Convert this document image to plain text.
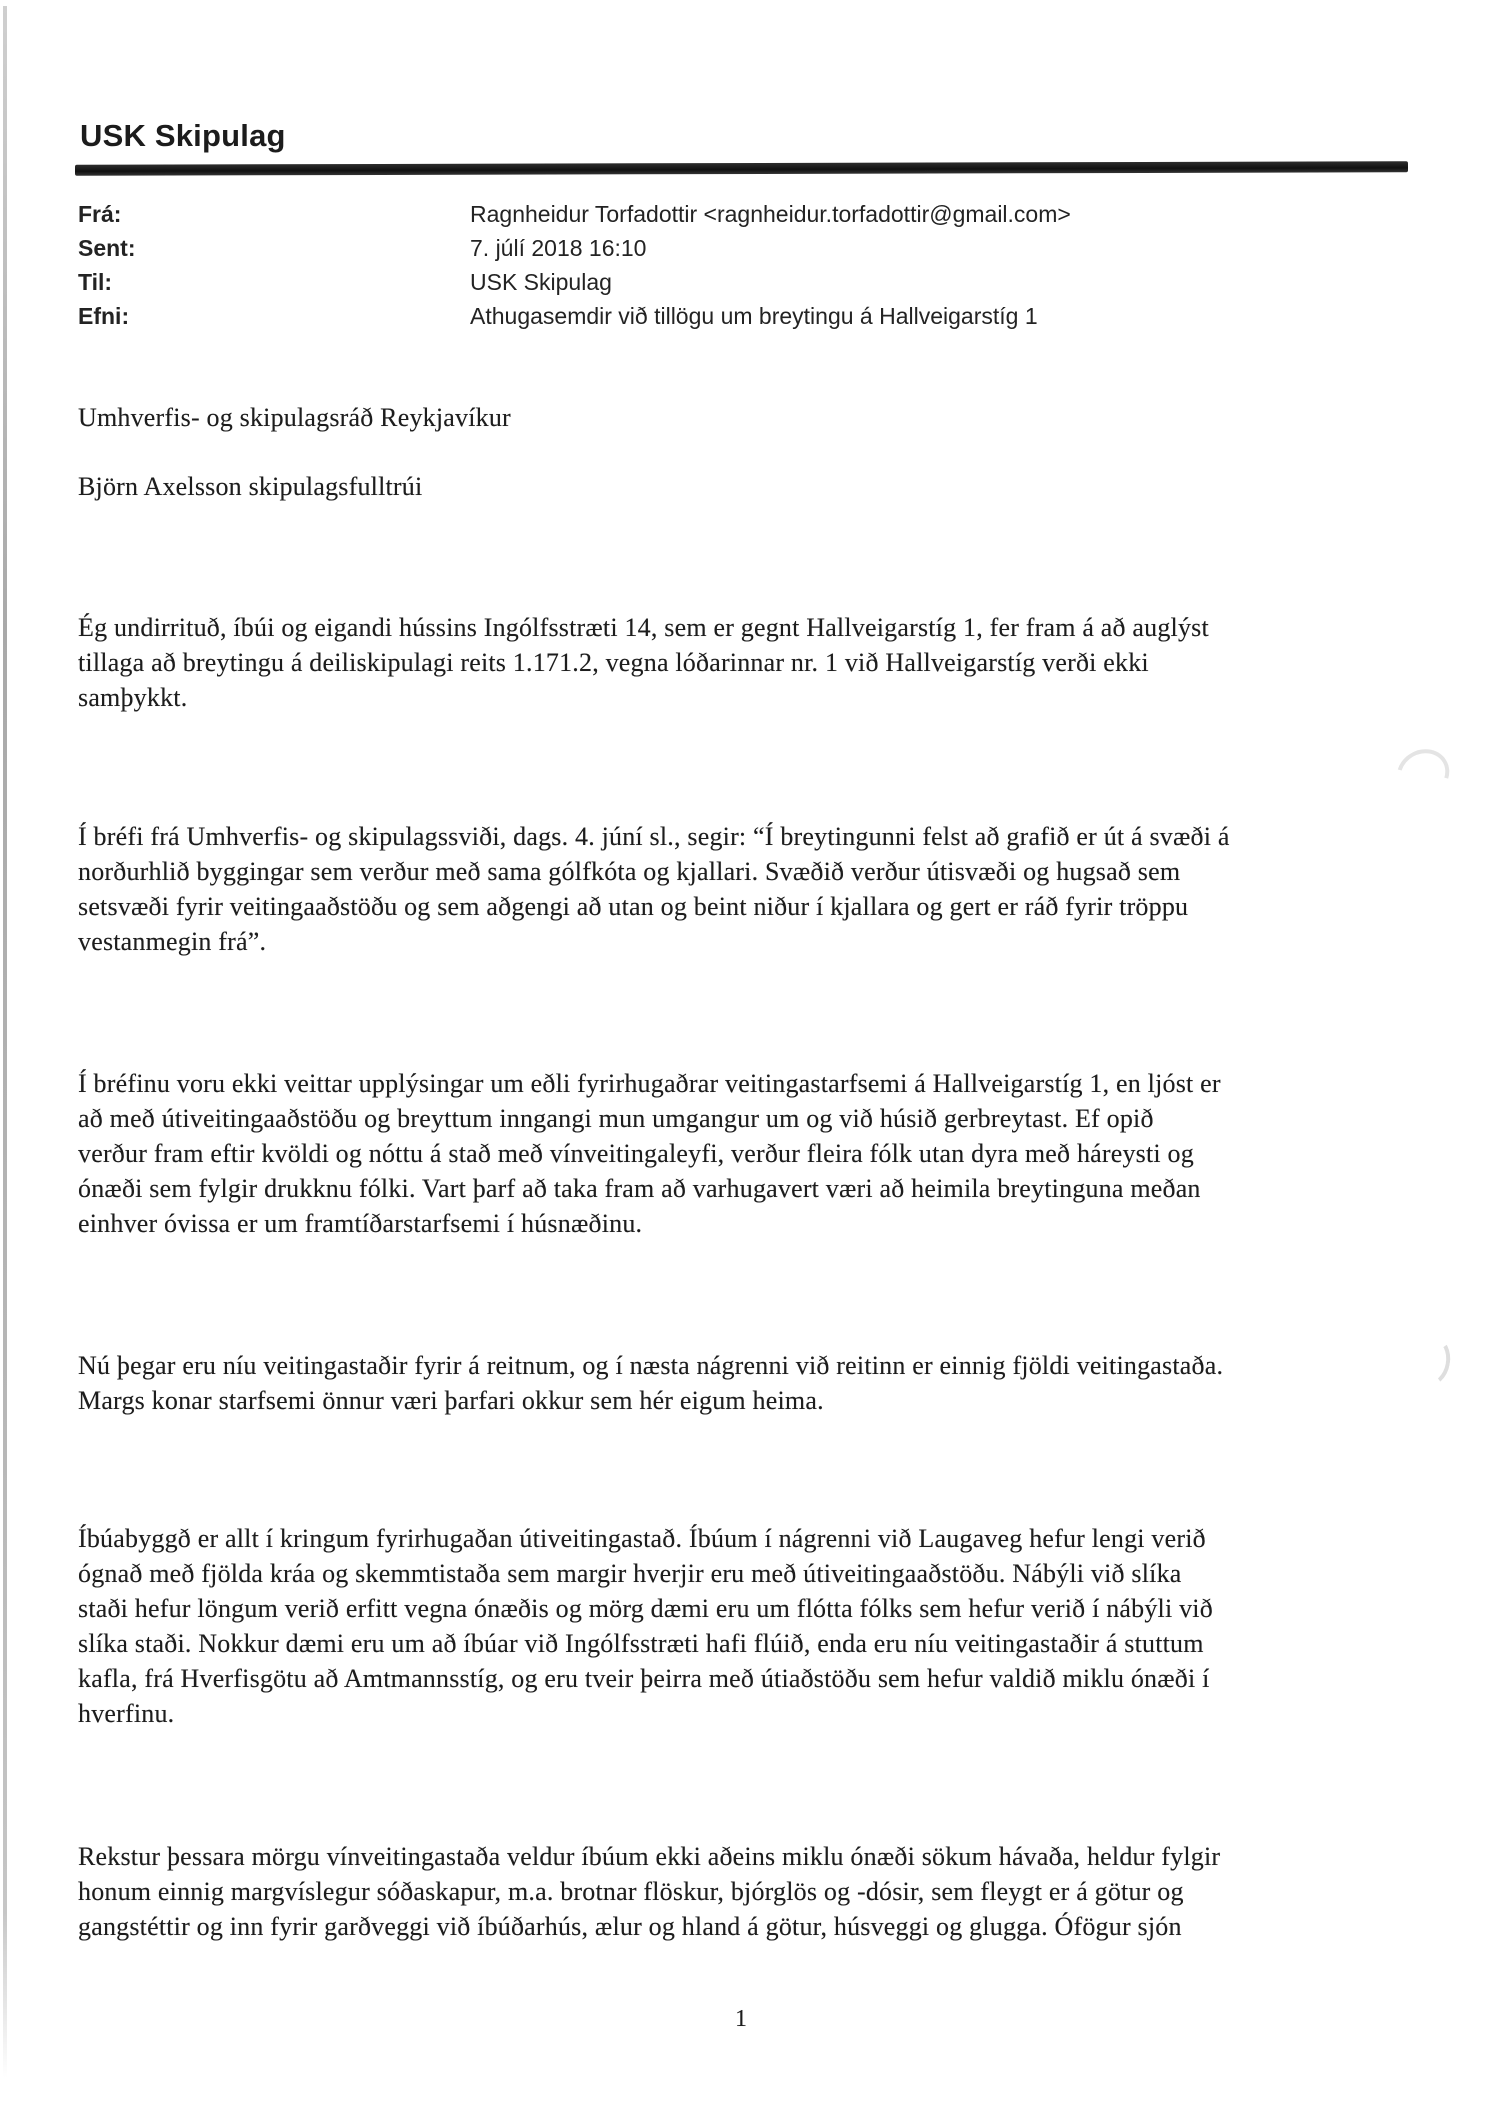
USK Skipulag
Frá:	Ragnheidur Torfadottir <ragnheidur.torfadottir@gmail.com>
Sent:	7. júlí 2018 16:10
Til:	USK Skipulag
Efni:	Athugasemdir við tillögu um breytingu á Hallveigarstíg 1
Umhverfis- og skipulagsráð Reykjavíkur
Björn Axelsson skipulagsfulltrúi
Ég undirrituð, íbúi og eigandi hússins Ingólfsstræti 14, sem er gegnt Hallveigarstíg 1, fer fram á að auglýst
tillaga að breytingu á deiliskipulagi reits 1.171.2, vegna lóðarinnar nr. 1 við Hallveigarstíg verði ekki
samþykkt.
Í bréfi frá Umhverfis- og skipulagssviði, dags. 4. júní sl., segir: “Í breytingunni felst að grafið er út á svæði á
norðurhlið byggingar sem verður með sama gólfkóta og kjallari. Svæðið verður útisvæði og hugsað sem
setsvæði fyrir veitingaaðstöðu og sem aðgengi að utan og beint niður í kjallara og gert er ráð fyrir tröppu
vestanmegin frá”.
Í bréfinu voru ekki veittar upplýsingar um eðli fyrirhugaðrar veitingastarfsemi á Hallveigarstíg 1, en ljóst er
að með útiveitingaaðstöðu og breyttum inngangi mun umgangur um og við húsið gerbreytast. Ef opið
verður fram eftir kvöldi og nóttu á stað með vínveitingaleyfi, verður fleira fólk utan dyra með háreysti og
ónæði sem fylgir drukknu fólki. Vart þarf að taka fram að varhugavert væri að heimila breytinguna meðan
einhver óvissa er um framtíðarstarfsemi í húsnæðinu.
Nú þegar eru níu veitingastaðir fyrir á reitnum, og í næsta nágrenni við reitinn er einnig fjöldi veitingastaða.
Margs konar starfsemi önnur væri þarfari okkur sem hér eigum heima.
Íbúabyggð er allt í kringum fyrirhugaðan útiveitingastað. Íbúum í nágrenni við Laugaveg hefur lengi verið
ógnað með fjölda kráa og skemmtistaða sem margir hverjir eru með útiveitingaaðstöðu. Nábýli við slíka
staði hefur löngum verið erfitt vegna ónæðis og mörg dæmi eru um flótta fólks sem hefur verið í nábýli við
slíka staði. Nokkur dæmi eru um að íbúar við Ingólfsstræti hafi flúið, enda eru níu veitingastaðir á stuttum
kafla, frá Hverfisgötu að Amtmannsstíg, og eru tveir þeirra með útiaðstöðu sem hefur valdið miklu ónæði í
hverfinu.
Rekstur þessara mörgu vínveitingastaða veldur íbúum ekki aðeins miklu ónæði sökum hávaða, heldur fylgir
honum einnig margvíslegur sóðaskapur, m.a. brotnar flöskur, bjórglös og -dósir, sem fleygt er á götur og
gangstéttir og inn fyrir garðveggi við íbúðarhús, ælur og hland á götur, húsveggi og glugga. Ófögur sjón
1
